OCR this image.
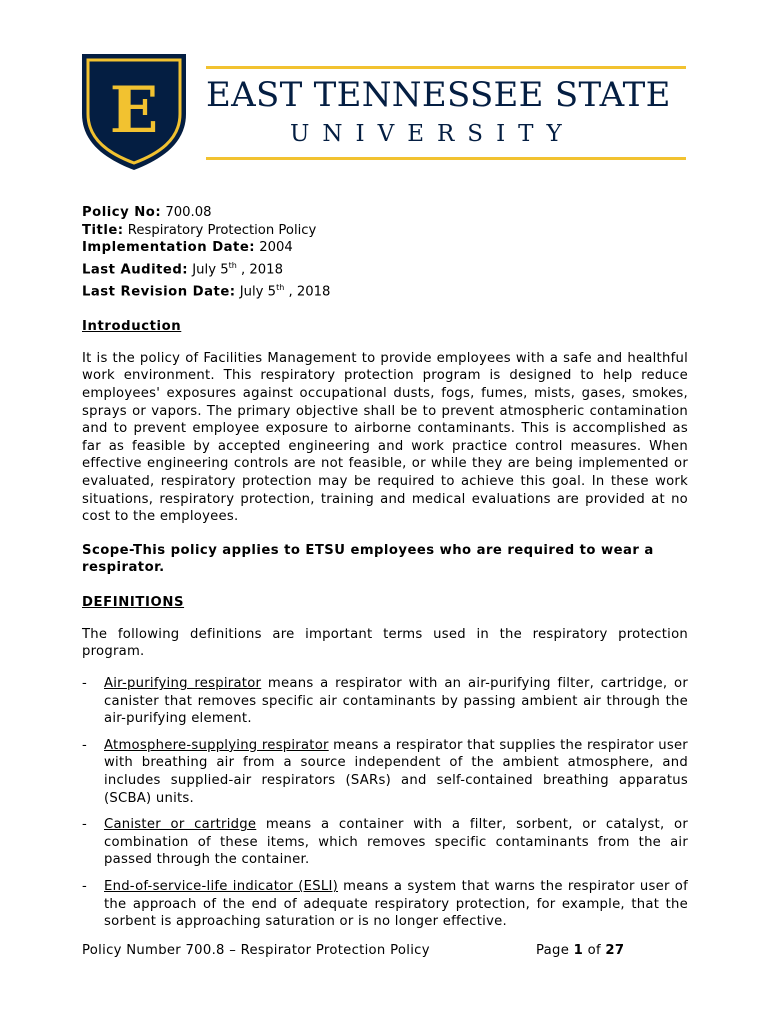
E EAST TENNESSEE STATE
UNIVERSITY

Policy No: 700.08

Title: Respiratory Protection Policy

Implementation Date: 2004

Last Audited: July 5th , 2018

Last Revision Date: July 5th , 2018

Introduction

It is the policy of Facilities Management to provide employees with a safe and healthful work environment. This respiratory protection program is designed to help reduce employees' exposures against occupational dusts, fogs, fumes, mists, gases, smokes, sprays or vapors. The primary objective shall be to prevent atmospheric contamination and to prevent employee exposure to airborne contaminants. This is accomplished as far as feasible by accepted engineering and work practice control measures. When effective engineering controls are not feasible, or while they are being implemented or evaluated, respiratory protection may be required to achieve this goal. In these work situations, respiratory protection, training and medical evaluations are provided at no cost to the employees.

Scope-This policy applies to ETSU employees who are required to wear a respirator.

DEFINITIONS

The following definitions are important terms used in the respiratory protection program.

- Air-purifying respirator means a respirator with an air-purifying filter, cartridge, or canister that removes specific air contaminants by passing ambient air through the air-purifying element.
- Atmosphere-supplying respirator means a respirator that supplies the respirator user with breathing air from a source independent of the ambient atmosphere, and includes supplied-air respirators (SARs) and self-contained breathing apparatus (SCBA) units.
- Canister or cartridge means a container with a filter, sorbent, or catalyst, or combination of these items, which removes specific contaminants from the air passed through the container.
- End-of-service-life indicator (ESLI) means a system that warns the respirator user of the approach of the end of adequate respiratory protection, for example, that the sorbent is approaching saturation or is no longer effective.
Policy Number 700.8 – Respirator Protection Policy	Page 1 of 27
